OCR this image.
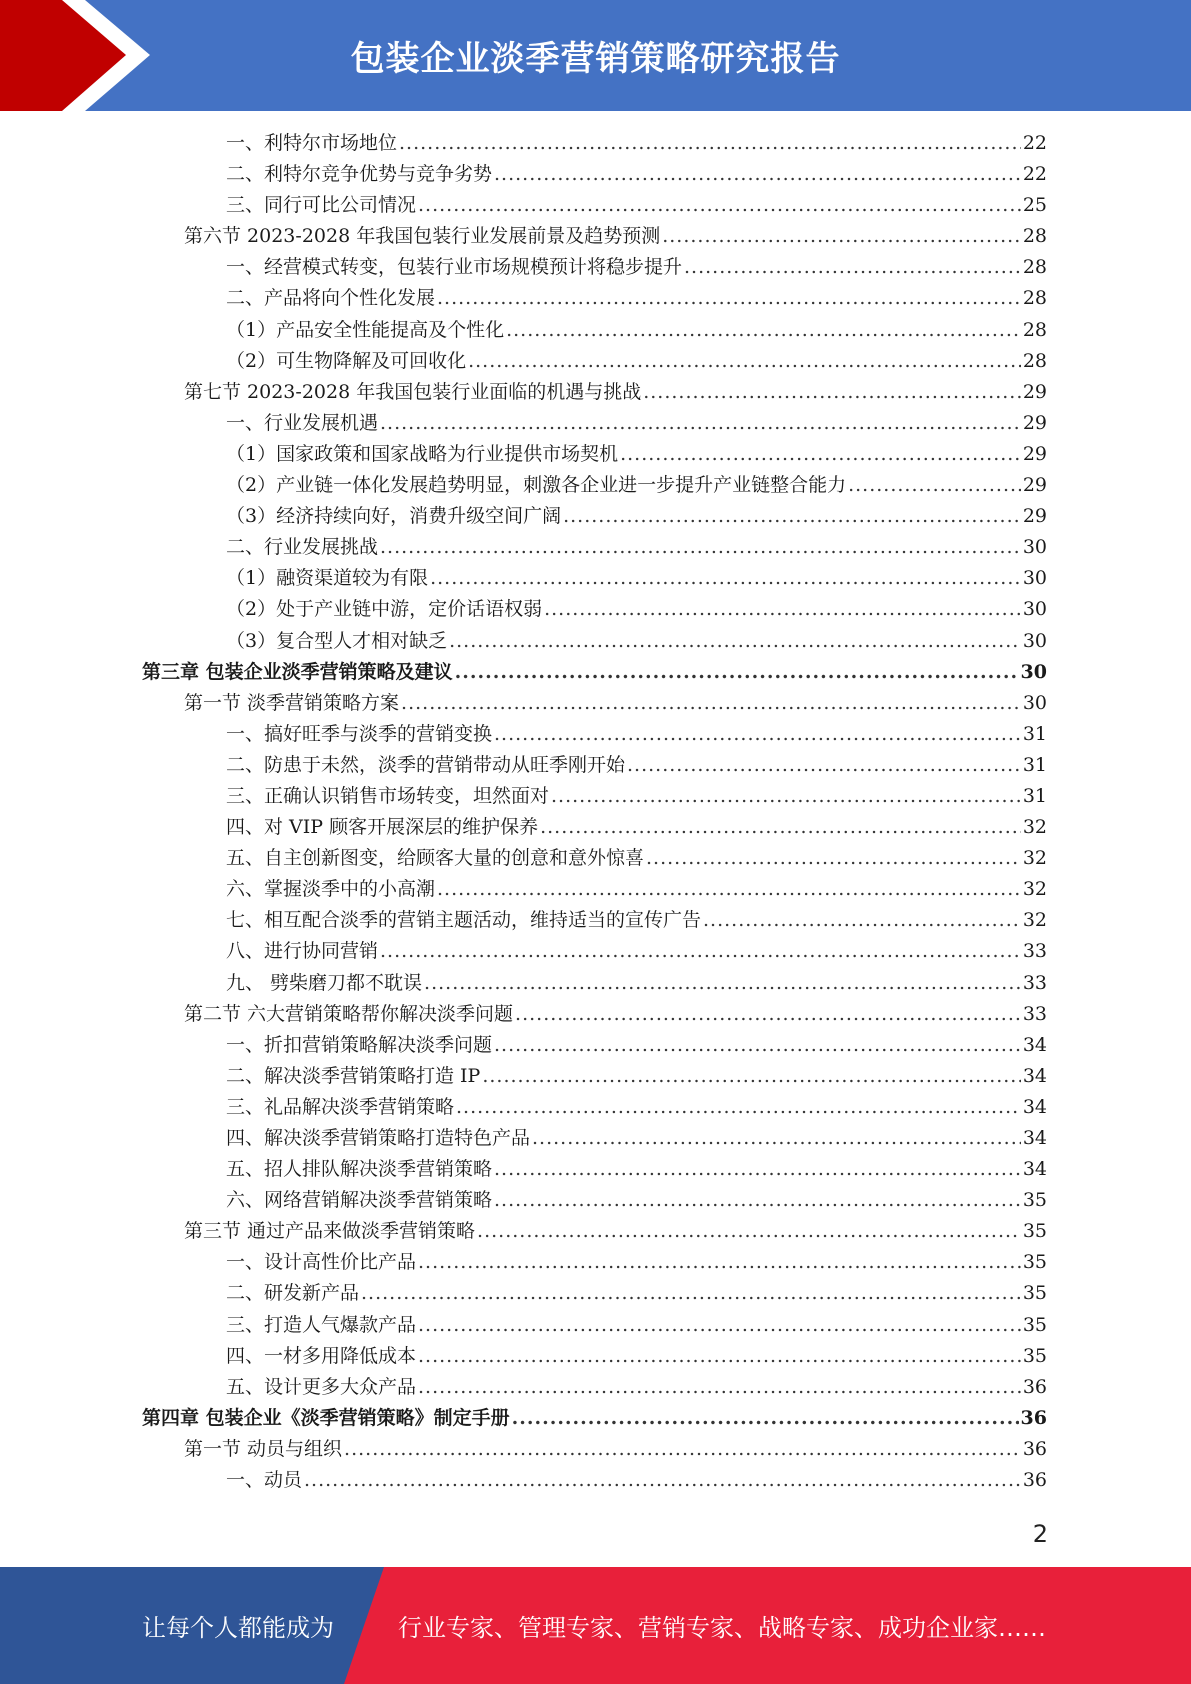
包装企业淡季营销策略研究报告
一、利特尔市场地位 .....	22
二、利特尔竞争优势与竞争劣势 .....	22
三、同行可比公司情况 .....	25
第六节 2023-2028 年我国包装行业发展前景及趋势预测 .....	28
一、经营模式转变，包装行业市场规模预计将稳步提升 .....	28
二、产品将向个性化发展 .....	28
（1）产品安全性能提高及个性化 .....	28
（2）可生物降解及可回收化 .....	28
第七节 2023-2028 年我国包装行业面临的机遇与挑战 .....	29
一、行业发展机遇 .....	29
（1）国家政策和国家战略为行业提供市场契机 .....	29
（2）产业链一体化发展趋势明显，刺激各企业进一步提升产业链整合能力 .....	29
（3）经济持续向好，消费升级空间广阔 .....	29
二、行业发展挑战 .....	30
（1）融资渠道较为有限 .....	30
（2）处于产业链中游，定价话语权弱 .....	30
（3）复合型人才相对缺乏 .....	30
第三章 包装企业淡季营销策略及建议 .....	30
第一节 淡季营销策略方案 .....	30
一、搞好旺季与淡季的营销变换 .....	31
二、防患于未然，淡季的营销带动从旺季刚开始 .....	31
三、正确认识销售市场转变，坦然面对 .....	31
四、对 VIP 顾客开展深层的维护保养 .....	32
五、自主创新图变，给顾客大量的创意和意外惊喜 .....	32
六、掌握淡季中的小高潮 .....	32
七、相互配合淡季的营销主题活动，维持适当的宣传广告 .....	32
八、进行协同营销 .....	33
九、 劈柴磨刀都不耽误 .....	33
第二节 六大营销策略帮你解决淡季问题 .....	33
一、折扣营销策略解决淡季问题 .....	34
二、解决淡季营销策略打造 IP .....	34
三、礼品解决淡季营销策略 .....	34
四、解决淡季营销策略打造特色产品 .....	34
五、招人排队解决淡季营销策略 .....	34
六、网络营销解决淡季营销策略 .....	35
第三节 通过产品来做淡季营销策略 .....	35
一、设计高性价比产品 .....	35
二、研发新产品 .....	35
三、打造人气爆款产品 .....	35
四、一材多用降低成本 .....	35
五、设计更多大众产品 .....	36
第四章 包装企业《淡季营销策略》制定手册 .....	36
第一节 动员与组织 .....	36
一、动员 .....	36
2
让每个人都能成为	行业专家、管理专家、营销专家、战略专家、成功企业家……
